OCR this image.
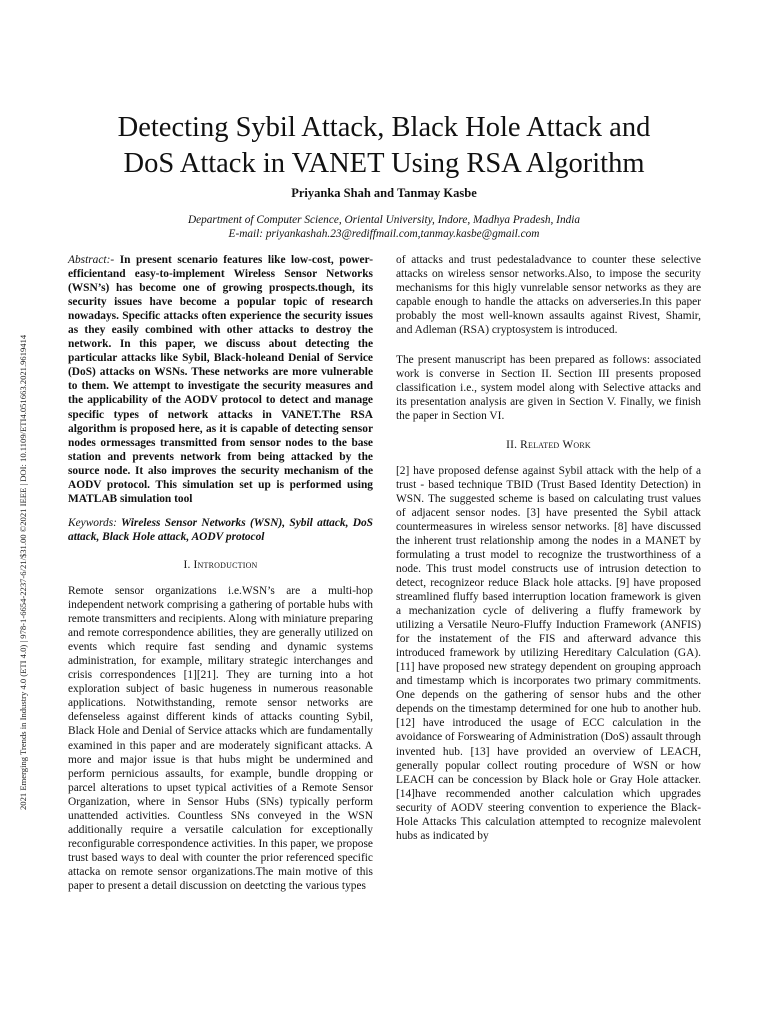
2021 Emerging Trends in Industry 4.0 (ETI 4.0) | 978-1-6654-2237-6/21/$31.00 ©2021 IEEE | DOI: 10.1109/ETI4.051663.2021.9619414
Detecting Sybil Attack, Black Hole Attack and
DoS Attack in VANET Using RSA Algorithm
Priyanka Shah and Tanmay Kasbe
Department of Computer Science, Oriental University, Indore, Madhya Pradesh, India
E-mail: priyankashah.23@rediffmail.com,tanmay.kasbe@gmail.com

Abstract:- In present scenario features like low-cost, power-efficientand easy-to-implement Wireless Sensor Networks (WSN’s) has become one of growing prospects.though, its security issues have become a popular topic of research nowadays. Specific attacks often experience the security issues as they easily combined with other attacks to destroy the network. In this paper, we discuss about detecting the particular attacks like Sybil, Black-holeand Denial of Service (DoS) attacks on WSNs. These networks are more vulnerable to them. We attempt to investigate the security measures and the applicability of the AODV protocol to detect and manage specific types of network attacks in VANET.The RSA algorithm is proposed here, as it is capable of detecting sensor nodes ormessages transmitted from sensor nodes to the base station and prevents network from being attacked by the source node. It also improves the security mechanism of the AODV protocol. This simulation set up is performed using MATLAB simulation tool

Keywords: Wireless Sensor Networks (WSN), Sybil attack, DoS attack, Black Hole attack, AODV protocol

I. Introduction

Remote sensor organizations i.e.WSN’s are a multi-hop independent network comprising a gathering of portable hubs with remote transmitters and recipients. Along with miniature preparing and remote correspondence abilities, they are generally utilized on events which require fast sending and dynamic systems administration, for example, military strategic interchanges and crisis correspondences [1][21]. They are turning into a hot exploration subject of basic hugeness in numerous reasonable applications. Notwithstanding, remote sensor networks are defenseless against different kinds of attacks counting Sybil, Black Hole and Denial of Service attacks which are fundamentally examined in this paper and are moderately significant attacks. A more and major issue is that hubs might be undermined and perform pernicious assaults, for example, bundle dropping or parcel alterations to upset typical activities of a Remote Sensor Organization, where in Sensor Hubs (SNs) typically perform unattended activities. Countless SNs conveyed in the WSN additionally require a versatile calculation for exceptionally reconfigurable correspondence activities. In this paper, we propose trust based ways to deal with counter the prior referenced specific attacka on remote sensor organizations.The main motive of this paper to present a detail discussion on deetcting the various types

of attacks and trust pedestaladvance to counter these selective attacks on wireless sensor networks.Also, to impose the security mechanisms for this higly vunrelable sensor networks as they are capable enough to handle the attacks on adverseries.In this paper probably the most well-known assaults against Rivest, Shamir, and Adleman (RSA) cryptosystem is introduced.

The present manuscript has been prepared as follows: associated work is converse in Section II. Section III presents proposed classification i.e., system model along with Selective attacks and its presentation analysis are given in Section V. Finally, we finish the paper in Section VI.

II. Related Work

[2] have proposed defense against Sybil attack with the help of a trust - based technique TBID (Trust Based Identity Detection) in WSN. The suggested scheme is based on calculating trust values of adjacent sensor nodes. [3] have presented the Sybil attack countermeasures in wireless sensor networks. [8] have discussed the inherent trust relationship among the nodes in a MANET by formulating a trust model to recognize the trustworthiness of a node. This trust model constructs use of intrusion detection to detect, recognizeor reduce Black hole attacks. [9] have proposed streamlined fluffy based interruption location framework is given a mechanization cycle of delivering a fluffy framework by utilizing a Versatile Neuro-Fluffy Induction Framework (ANFIS) for the instatement of the FIS and afterward advance this introduced framework by utilizing Hereditary Calculation (GA). [11] have proposed new strategy dependent on grouping approach and timestamp which is incorporates two primary commitments. One depends on the gathering of sensor hubs and the other depends on the timestamp determined for one hub to another hub. [12] have introduced the usage of ECC calculation in the avoidance of Forswearing of Administration (DoS) assault through invented hub. [13] have provided an overview of LEACH, generally popular collect routing procedure of WSN or how LEACH can be concession by Black hole or Gray Hole attacker. [14]have recommended another calculation which upgrades security of AODV steering convention to experience the Black-Hole Attacks This calculation attempted to recognize malevolent hubs as indicated by
